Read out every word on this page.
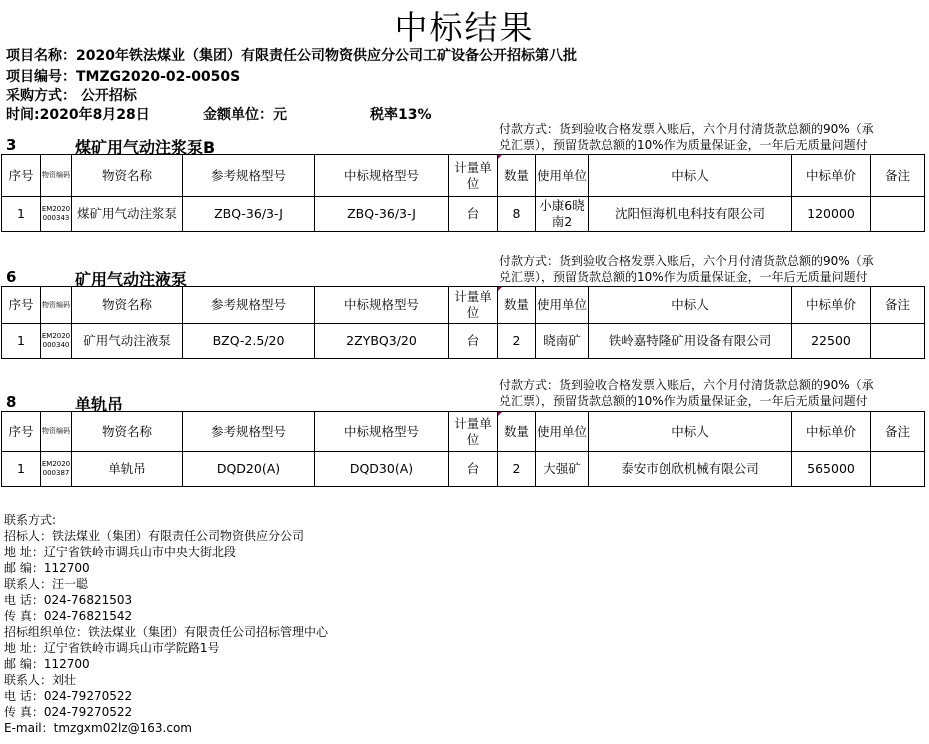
中标结果
项目名称：2020年铁法煤业（集团）有限责任公司物资供应分公司工矿设备公开招标第八批
项目编号：TMZG2020-02-0050S
采购方式： 公开招标
时间:2020年8月28日	金额单位：元	税率13%
付款方式：货到验收合格发票入账后，六个月付清货款总额的90%（承
兑汇票），预留货款总额的10%作为质量保证金，一年后无质量问题付
3	煤矿用气动注浆泵B
序号	物资编码	物资名称	参考规格型号	中标规格型号	计量单位	数量	使用单位	中标人	中标单价	备注
1	EM2020000343	煤矿用气动注浆泵	ZBQ-36/3-J	ZBQ-36/3-J	台	8	小康6晓南2	沈阳恒海机电科技有限公司	120000	
付款方式：货到验收合格发票入账后，六个月付清货款总额的90%（承
兑汇票），预留货款总额的10%作为质量保证金，一年后无质量问题付
6	矿用气动注液泵
序号	物资编码	物资名称	参考规格型号	中标规格型号	计量单位	数量	使用单位	中标人	中标单价	备注
1	EM2020000340	矿用气动注液泵	BZQ-2.5/20	2ZYBQ3/20	台	2	晓南矿	铁岭嘉特隆矿用设备有限公司	22500	
付款方式：货到验收合格发票入账后，六个月付清货款总额的90%（承
兑汇票），预留货款总额的10%作为质量保证金，一年后无质量问题付
8	单轨吊
序号	物资编码	物资名称	参考规格型号	中标规格型号	计量单位	数量	使用单位	中标人	中标单价	备注
1	EM2020000387	单轨吊	DQD20(A)	DQD30(A)	台	2	大强矿	泰安市创欣机械有限公司	565000	
联系方式:
招标人：铁法煤业（集团）有限责任公司物资供应分公司
地 址：辽宁省铁岭市调兵山市中央大街北段
邮 编：112700
联系人：汪一聪
电 话：024-76821503
传 真：024-76821542
招标组织单位：铁法煤业（集团）有限责任公司招标管理中心
地 址：辽宁省铁岭市调兵山市学院路1号
邮 编：112700
联系人：刘壮
电 话：024-79270522
传 真：024-79270522
E-mail：tmzgxm02lz@163.com
